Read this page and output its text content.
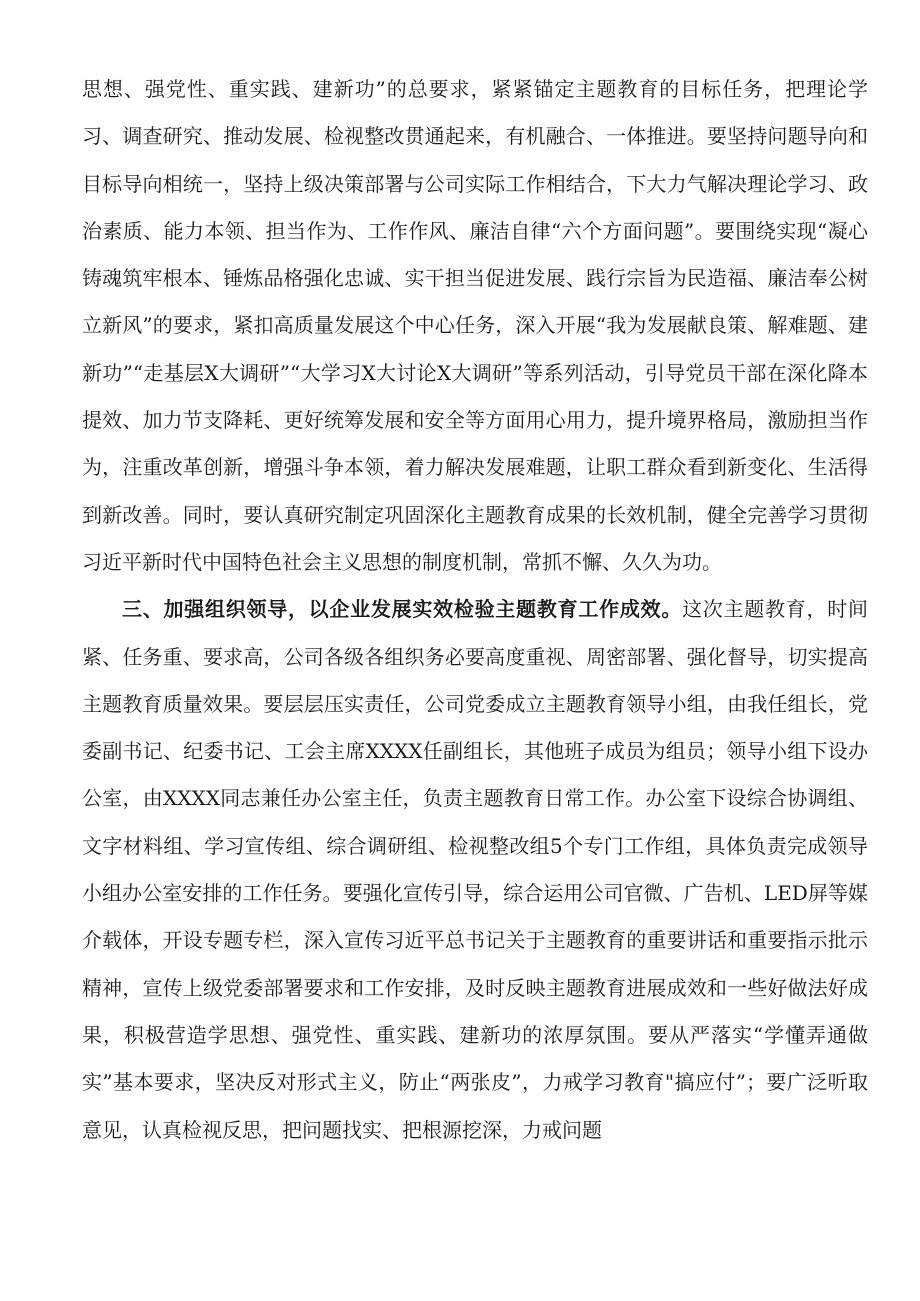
思想、强党性、重实践、建新功”的总要求，紧紧锚定主题教育的目标任务，把理论学习、调查研究、推动发展、检视整改贯通起来，有机融合、一体推进。要坚持问题导向和目标导向相统一，坚持上级决策部署与公司实际工作相结合，下大力气解决理论学习、政治素质、能力本领、担当作为、工作作风、廉洁自律“六个方面问题”。要围绕实现“凝心铸魂筑牢根本、锤炼品格强化忠诚、实干担当促进发展、践行宗旨为民造福、廉洁奉公树立新风”的要求，紧扣高质量发展这个中心任务，深入开展“我为发展献良策、解难题、建新功”“走基层X大调研”“大学习X大讨论X大调研”等系列活动，引导党员干部在深化降本提效、加力节支降耗、更好统筹发展和安全等方面用心用力，提升境界格局，激励担当作为，注重改革创新，增强斗争本领，着力解决发展难题，让职工群众看到新变化、生活得到新改善。同时，要认真研究制定巩固深化主题教育成果的长效机制，健全完善学习贯彻习近平新时代中国特色社会主义思想的制度机制，常抓不懈、久久为功。

三、加强组织领导，以企业发展实效检验主题教育工作成效。这次主题教育，时间紧、任务重、要求高，公司各级各组织务必要高度重视、周密部署、强化督导，切实提高主题教育质量效果。要层层压实责任，公司党委成立主题教育领导小组，由我任组长，党委副书记、纪委书记、工会主席XXXX任副组长，其他班子成员为组员；领导小组下设办公室，由XXXX同志兼任办公室主任，负责主题教育日常工作。办公室下设综合协调组、文字材料组、学习宣传组、综合调研组、检视整改组5个专门工作组，具体负责完成领导小组办公室安排的工作任务。要强化宣传引导，综合运用公司官微、广告机、LED屏等媒介载体，开设专题专栏，深入宣传习近平总书记关于主题教育的重要讲话和重要指示批示精神，宣传上级党委部署要求和工作安排，及时反映主题教育进展成效和一些好做法好成果，积极营造学思想、强党性、重实践、建新功的浓厚氛围。要从严落实“学懂弄通做实”基本要求，坚决反对形式主义，防止“两张皮”，力戒学习教育"搞应付”；要广泛听取意见，认真检视反思，把问题找实、把根源挖深，力戒问题
